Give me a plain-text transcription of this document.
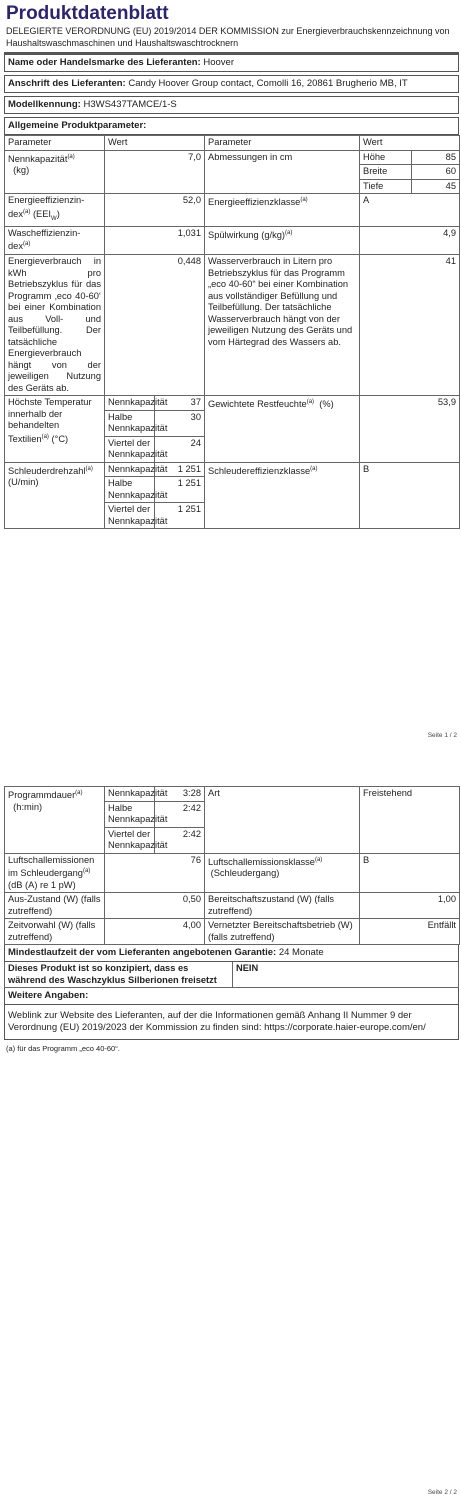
Produktdatenblatt
DELEGIERTE VERORDNUNG (EU) 2019/2014 DER KOMMISSION zur Energieverbrauchskennzeichnung von Haushaltswaschmaschinen und Haushaltswaschtrocknern
Name oder Handelsmarke des Lieferanten: Hoover
Anschrift des Lieferanten: Candy Hoover Group contact, Comolli 16, 20861 Brugherio MB, IT
Modellkennung: H3WS437TAMCE/1-S
Allgemeine Produktparameter:
Parameter	Wert	Parameter	Wert
Nennkapazität$^{(a)}$
(kg)	7,0	Abmessungen in cm		Höhe	85
Breite	60
Tiefe	45

Energieeffizienzin-dex$^{(a)}$ $(EEI_W)$	52,0	Energieeffizienzklasse$^{(a)}$	A
Wascheffizienzin-dex$^{(a)}$	1,031	Spülwirkung $(g/kg)^{(a)}$	4,9
Energieverbrauch in kWh pro Betriebszyklus für das Programm ‚eco 40-60‘ bei einer Kombination aus Voll- und Teilbefüllung. Der tatsächliche Energieverbrauch hängt von der jeweiligen Nutzung des Geräts ab.	0,448	Wasserverbrauch in Litern pro Betriebszyklus für das Programm „eco 40-60“ bei einer Kombination aus vollständiger Befüllung und Teilbefüllung. Der tatsächliche Wasserverbrauch hängt von der jeweiligen Nutzung des Geräts und vom Härtegrad des Wassers ab.	41
Höchste Temperatur innerhalb der behandelten Textilien$^{(a)}$ (°C)	
Nennkapazität	37
Halbe Nennkapazität	30
Viertel der Nennkapazität	24
	Gewichtete Restfeuchte$^{(a)}$ (%)	53,9
Schleuderdrehzahl$^{(a)}$ (U/min)	
Nennkapazität	1 251
Halbe Nennkapazität	1 251
Viertel der Nennkapazität	1 251
	Schleudereffizienzklasse$^{(a)}$	B
Seite 1 / 2
Programmdauer$^{(a)}$
(h:min)	
Nennkapazität	3:28
Halbe Nennkapazität	2:42
Viertel der Nennkapazität	2:42
	Art	Freistehend
Luftschallemissionen im Schleudergang$^{(a)}$ (dB (A) re 1 pW)	76	Luftschallemissionsklasse$^{(a)}$
(Schleudergang)	B
Aus-Zustand (W) (falls zutreffend)	0,50	Bereitschaftszustand (W) (falls zutreffend)	1,00
Zeitvorwahl (W) (falls zutreffend)	4,00	Vernetzter Bereitschaftsbetrieb (W) (falls zutreffend)	Entfällt
Mindestlaufzeit der vom Lieferanten angebotenen Garantie: 24 Monate
Dieses Produkt ist so konzipiert, dass es während des Waschzyklus Silberionen freisetzt	NEIN
Weitere Angaben:
Weblink zur Website des Lieferanten, auf der die Informationen gemäß Anhang II Nummer 9 der Verordnung (EU) 2019/2023 der Kommission zu finden sind: https://corporate.haier-europe.com/en/
(a) für das Programm „eco 40-60“.
Seite 2 / 2
